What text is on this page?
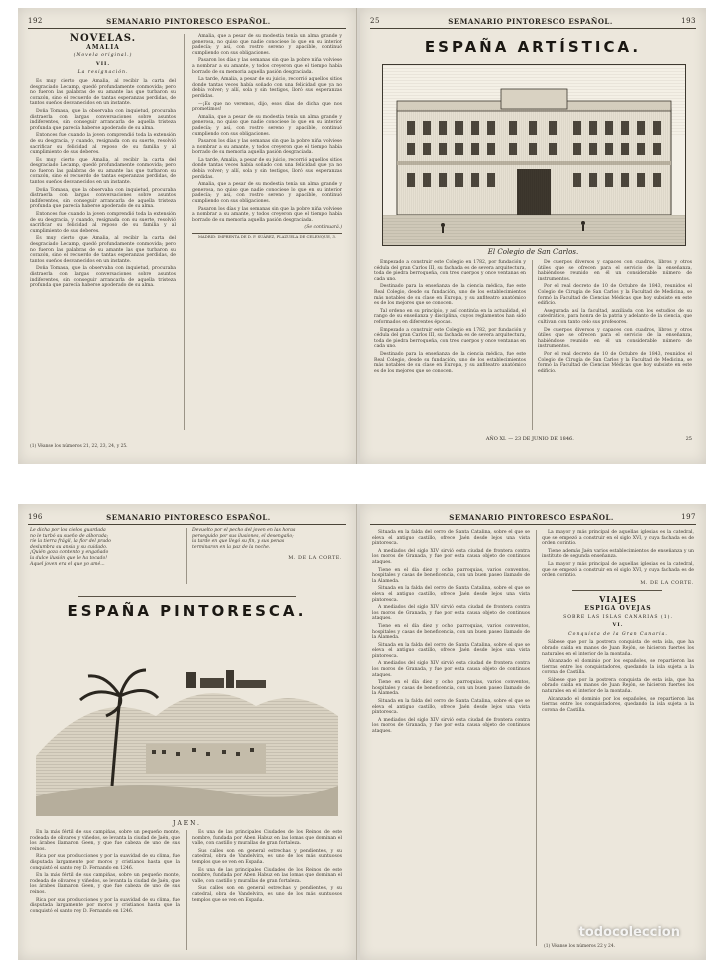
192	SEMANARIO PINTORESCO ESPAÑOL.
NOVELAS.
AMALIA
(Novela original.)
VII.
La resignación.

Es muy cierto que Amalia, al recibir la carta del desgraciado Lecamp, quedó profundamente conmovida; pero no fueron las palabras de su amante las que turbaron su corazón, sino el recuerdo de tantas esperanzas perdidas, de tantos sueños desvanecidos en un instante.

Doña Tomasa, que la observaba con inquietud, procuraba distraerla con largas conversaciones sobre asuntos indiferentes, sin conseguir arrancarla de aquella tristeza profunda que parecía haberse apoderado de su alma.

Entonces fue cuando la joven comprendió toda la extensión de su desgracia, y cuando, resignada con su suerte, resolvió sacrificar su felicidad al reposo de su familia y al cumplimiento de sus deberes.

Es muy cierto que Amalia, al recibir la carta del desgraciado Lecamp, quedó profundamente conmovida; pero no fueron las palabras de su amante las que turbaron su corazón, sino el recuerdo de tantas esperanzas perdidas, de tantos sueños desvanecidos en un instante.

Doña Tomasa, que la observaba con inquietud, procuraba distraerla con largas conversaciones sobre asuntos indiferentes, sin conseguir arrancarla de aquella tristeza profunda que parecía haberse apoderado de su alma.

Entonces fue cuando la joven comprendió toda la extensión de su desgracia, y cuando, resignada con su suerte, resolvió sacrificar su felicidad al reposo de su familia y al cumplimiento de sus deberes.

Es muy cierto que Amalia, al recibir la carta del desgraciado Lecamp, quedó profundamente conmovida; pero no fueron las palabras de su amante las que turbaron su corazón, sino el recuerdo de tantas esperanzas perdidas, de tantos sueños desvanecidos en un instante.

Doña Tomasa, que la observaba con inquietud, procuraba distraerla con largas conversaciones sobre asuntos indiferentes, sin conseguir arrancarla de aquella tristeza profunda que parecía haberse apoderado de su alma.

Amalia, que a pesar de su modestia tenía un alma grande y generosa, no quiso que nadie conociese lo que en su interior padecía; y así, con rostro sereno y apacible, continuó cumpliendo con sus obligaciones.

Pasaron los días y las semanas sin que la pobre niña volviese a nombrar a su amante, y todos creyeron que el tiempo había borrado de su memoria aquella pasión desgraciada.

La tarde, Amalia, a pesar de su juicio, recorrió aquellos sitios donde tantas veces había soñado con una felicidad que ya no debía volver; y allí, sola y sin testigos, lloró sus esperanzas perdidas.

—¡Es que no veremos, dijo, esos días de dicha que nos prometimos!

Amalia, que a pesar de su modestia tenía un alma grande y generosa, no quiso que nadie conociese lo que en su interior padecía; y así, con rostro sereno y apacible, continuó cumpliendo con sus obligaciones.

Pasaron los días y las semanas sin que la pobre niña volviese a nombrar a su amante, y todos creyeron que el tiempo había borrado de su memoria aquella pasión desgraciada.

La tarde, Amalia, a pesar de su juicio, recorrió aquellos sitios donde tantas veces había soñado con una felicidad que ya no debía volver; y allí, sola y sin testigos, lloró sus esperanzas perdidas.

Amalia, que a pesar de su modestia tenía un alma grande y generosa, no quiso que nadie conociese lo que en su interior padecía; y así, con rostro sereno y apacible, continuó cumpliendo con sus obligaciones.

Pasaron los días y las semanas sin que la pobre niña volviese a nombrar a su amante, y todos creyeron que el tiempo había borrado de su memoria aquella pasión desgraciada.

(Se continuará.)
MADRID: IMPRENTA DE D. F. SUÁREZ, PLAZUELA DE CELENQUE, 3.
(1) Véanse los números 21, 22, 23, 24, y 25.
25	SEMANARIO PINTORESCO ESPAÑOL.	193
ESPAÑA ARTÍSTICA.
El Colegio de San Carlos.

Empezado a construir este Colegio en 1782, por fundación y cédula del gran Carlos III, su fachada es de severa arquitectura, toda de piedra berroqueña, con tres cuerpos y once ventanas en cada uno.

Destinado para la enseñanza de la ciencia médica, fue este Real Colegio, desde su fundación, uno de los establecimientos más notables de su clase en Europa, y su anfiteatro anatómico es de los mejores que se conocen.

Tal ordeno en su principio, y así continúa en la actualidad, el rango de su enseñanza y disciplina, cuyos reglamentos han sido reformados en diferentes épocas.

Empezado a construir este Colegio en 1782, por fundación y cédula del gran Carlos III, su fachada es de severa arquitectura, toda de piedra berroqueña, con tres cuerpos y once ventanas en cada uno.

Destinado para la enseñanza de la ciencia médica, fue este Real Colegio, desde su fundación, uno de los establecimientos más notables de su clase en Europa, y su anfiteatro anatómico es de los mejores que se conocen.

De cuerpos diversos y capaces con cuadros, libros y otros útiles que se ofrecen para el servicio de la enseñanza, habiéndose reunido en él un considerable número de instrumentos.

Por el real decreto de 10 de Octubre de 1843, reunidos el Colegio de Cirugía de San Carlos y la Facultad de Medicina, se formó la Facultad de Ciencias Médicas que hoy subsiste en este edificio.

Asegurada así la facultad, auxiliada con los estudios de su catedrático, para honra de la patria y adelanto de la ciencia, que cultivan con tanto celo sus profesores.

De cuerpos diversos y capaces con cuadros, libros y otros útiles que se ofrecen para el servicio de la enseñanza, habiéndose reunido en él un considerable número de instrumentos.

Por el real decreto de 10 de Octubre de 1843, reunidos el Colegio de Cirugía de San Carlos y la Facultad de Medicina, se formó la Facultad de Ciencias Médicas que hoy subsiste en este edificio.

AÑO XI. — 23 DE JUNIO DE 1846.	25
196	SEMANARIO PINTORESCO ESPAÑOL.
Le dicha por los cielos guardada
no le turbó su sueño de alborada;
ríe la tierra frágil, la flor del prado
deslumbra su ansia y su cuidado.
¡Quién goza contento y engañado
la dulce ilusión que le ha tocado!
Aquel joven era el que yo amé...
Devuelto por el pecho del joven en las horas
perseguido por sus ilusiones, el desengaño;
la tarde en que llegó su fin, y sus penas
terminaron en la paz de la noche.
M. DE LA CORTE.
ESPAÑA PINTORESCA.
JAEN.

En la más fértil de sus campiñas, sobre un pequeño monte, rodeada de olivares y viñedos, se levanta la ciudad de Jaén, que los árabes llamaron Geen, y que fue cabeza de uno de sus reinos.

Rica por sus producciones y por la suavidad de su clima, fue disputada largamente por moros y cristianos hasta que la conquistó el santo rey D. Fernando en 1246.

En la más fértil de sus campiñas, sobre un pequeño monte, rodeada de olivares y viñedos, se levanta la ciudad de Jaén, que los árabes llamaron Geen, y que fue cabeza de uno de sus reinos.

Rica por sus producciones y por la suavidad de su clima, fue disputada largamente por moros y cristianos hasta que la conquistó el santo rey D. Fernando en 1246.

Es una de las principales Ciudades de los Reinos de este nombre, fundada por Aben Habuz en las lomas que dominan el valle, con castillo y murallas de gran fortaleza.

Sus calles son en general estrechas y pendientes, y su catedral, obra de Vandelvira, es uno de los más suntuosos templos que se ven en España.

Es una de las principales Ciudades de los Reinos de este nombre, fundada por Aben Habuz en las lomas que dominan el valle, con castillo y murallas de gran fortaleza.

Sus calles son en general estrechas y pendientes, y su catedral, obra de Vandelvira, es uno de los más suntuosos templos que se ven en España.

SEMANARIO PINTORESCO ESPAÑOL.	197

Situada en la falda del cerro de Santa Catalina, sobre el que se eleva el antiguo castillo, ofrece Jaén desde lejos una vista pintoresca.

A mediados del siglo XIV sirvió esta ciudad de frontera contra los moros de Granada, y fue por esta causa objeto de continuos ataques.

Tiene en el día diez y ocho parroquias, varios conventos, hospitales y casas de beneficencia, con un buen paseo llamado de la Alameda.

Situada en la falda del cerro de Santa Catalina, sobre el que se eleva el antiguo castillo, ofrece Jaén desde lejos una vista pintoresca.

A mediados del siglo XIV sirvió esta ciudad de frontera contra los moros de Granada, y fue por esta causa objeto de continuos ataques.

Tiene en el día diez y ocho parroquias, varios conventos, hospitales y casas de beneficencia, con un buen paseo llamado de la Alameda.

Situada en la falda del cerro de Santa Catalina, sobre el que se eleva el antiguo castillo, ofrece Jaén desde lejos una vista pintoresca.

A mediados del siglo XIV sirvió esta ciudad de frontera contra los moros de Granada, y fue por esta causa objeto de continuos ataques.

Tiene en el día diez y ocho parroquias, varios conventos, hospitales y casas de beneficencia, con un buen paseo llamado de la Alameda.

Situada en la falda del cerro de Santa Catalina, sobre el que se eleva el antiguo castillo, ofrece Jaén desde lejos una vista pintoresca.

A mediados del siglo XIV sirvió esta ciudad de frontera contra los moros de Granada, y fue por esta causa objeto de continuos ataques.

La mayor y más principal de aquellas iglesias es la catedral, que se empezó a construir en el siglo XVI, y cuya fachada es de orden corintio.

Tiene además Jaén varios establecimientos de enseñanza y un instituto de segunda enseñanza.

La mayor y más principal de aquellas iglesias es la catedral, que se empezó a construir en el siglo XVI, y cuya fachada es de orden corintio.

M. DE LA CORTE.
VIAJES
ESPIGA OVEJAS
SOBRE LAS ISLAS CANARIAS (1).
VI.
Conquista de la Gran Canaria.

Sábese que por la postrera conquista de esta isla, que ha obrado caída en manos de Juan Rejón, se hicieron fuertes los naturales en el interior de la montaña.

Alcanzado el dominio por los españoles, se repartieron las tierras entre los conquistadores, quedando la isla sujeta a la corona de Castilla.

Sábese que por la postrera conquista de esta isla, que ha obrado caída en manos de Juan Rejón, se hicieron fuertes los naturales en el interior de la montaña.

Alcanzado el dominio por los españoles, se repartieron las tierras entre los conquistadores, quedando la isla sujeta a la corona de Castilla.

(1) Véanse los números 22 y 24.
todocoleccion
